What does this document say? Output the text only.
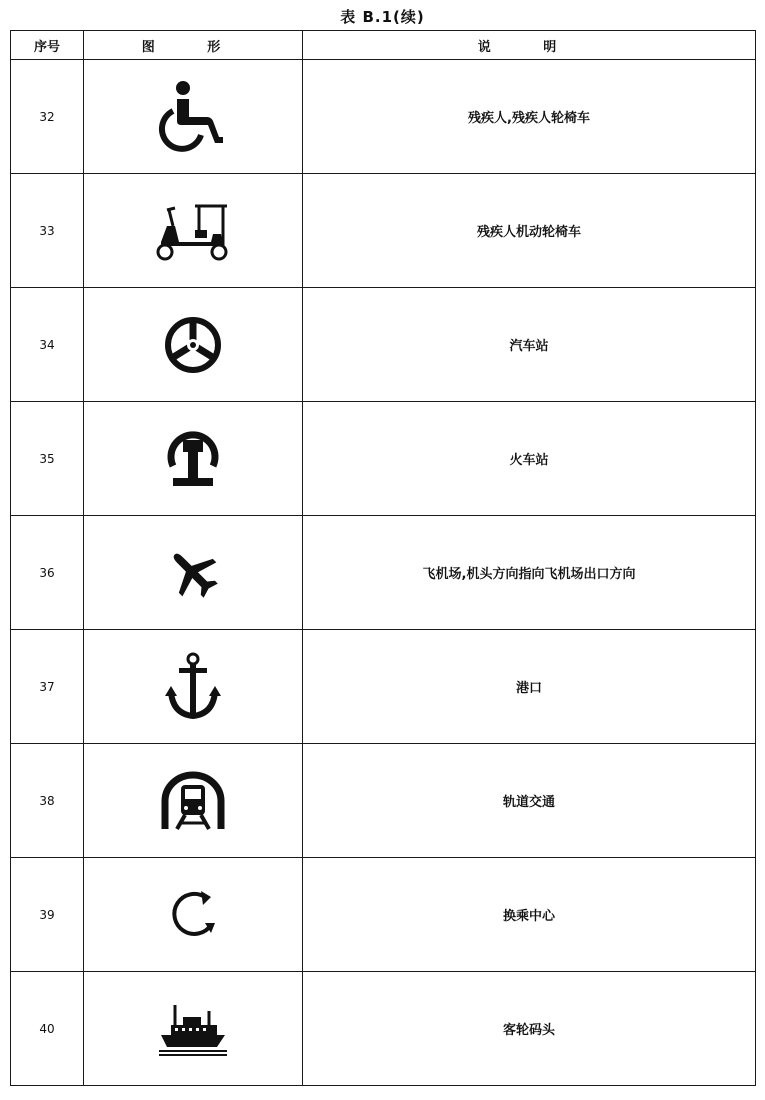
表 B.1(续)
序号	图 形	说 明
32		残疾人,残疾人轮椅车
33		残疾人机动轮椅车
34		汽车站
35		火车站
36		飞机场,机头方向指向飞机场出口方向
37		港口
38		轨道交通
39		换乘中心
40		客轮码头
